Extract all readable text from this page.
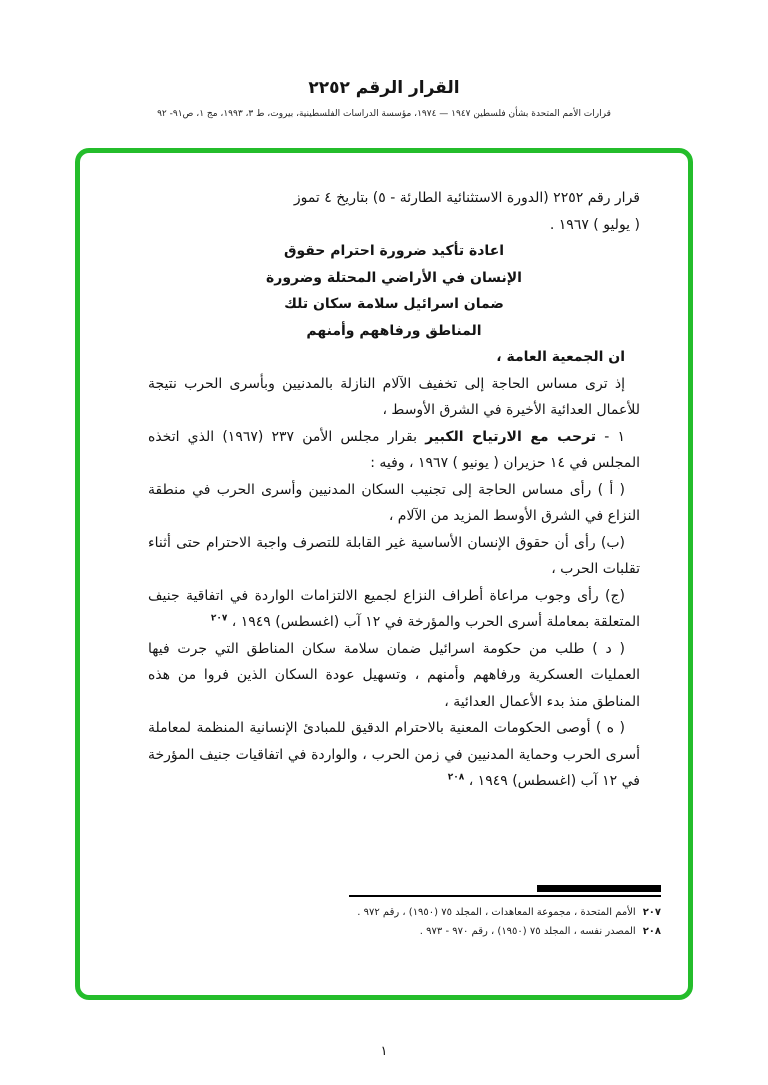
القرار الرقم ٢٢٥٢
قرارات الأمم المتحدة بشأن فلسطين ١٩٤٧ — ١٩٧٤، مؤسسة الدراسات الفلسطينية، بيروت، ط ٣، ١٩٩٣، مج ١، ص٩١- ٩٢
قرار رقم ٢٢٥٢ (الدورة الاستثنائية الطارئة - ٥) بتاريخ ٤ تموز
( يوليو ) ١٩٦٧ .
اعادة تأكيد ضرورة احترام حقوق
الإنسان في الأراضي المحتلة وضرورة
ضمان اسرائيل سلامة سكان تلك
المناطق ورفاههم وأمنهم

ان الجمعية العامة ،

إذ ترى مساس الحاجة إلى تخفيف الآلام النازلة بالمدنيين وبأسرى الحرب نتيجة للأعمال العدائية الأخيرة في الشرق الأوسط ،

١ - ترحب مع الارتياح الكبير بقرار مجلس الأمن ٢٣٧ (١٩٦٧) الذي اتخذه المجلس في ١٤ حزيران ( يونيو ) ١٩٦٧ ، وفيه :

( أ ) رأى مساس الحاجة إلى تجنيب السكان المدنيين وأسرى الحرب في منطقة النزاع في الشرق الأوسط المزيد من الآلام ،

(ب) رأى أن حقوق الإنسان الأساسية غير القابلة للتصرف واجبة الاحترام حتى أثناء تقلبات الحرب ،

(ج) رأى وجوب مراعاة أطراف النزاع لجميع الالتزامات الواردة في اتفاقية جنيف المتعلقة بمعاملة أسرى الحرب والمؤرخة في ١٢ آب (اغسطس) ١٩٤٩ ، $^{٢٠٧}$

( د ) طلب من حكومة اسرائيل ضمان سلامة سكان المناطق التي جرت فيها العمليات العسكرية ورفاههم وأمنهم ، وتسهيل عودة السكان الذين فروا من هذه المناطق منذ بدء الأعمال العدائية ،

( ه ) أوصى الحكومات المعنية بالاحترام الدقيق للمبادئ الإنسانية المنظمة لمعاملة أسرى الحرب وحماية المدنيين في زمن الحرب ، والواردة في اتفاقيات جنيف المؤرخة في ١٢ آب (اغسطس) ١٩٤٩ ، $^{٢٠٨}$

٢٠٧الأمم المتحدة ، مجموعة المعاهدات ، المجلد ٧٥ (١٩٥٠) ، رقم ٩٧٢ .
٢٠٨المصدر نفسه ، المجلد ٧٥ (١٩٥٠) ، رقم ٩٧٠ - ٩٧٣ .
١
